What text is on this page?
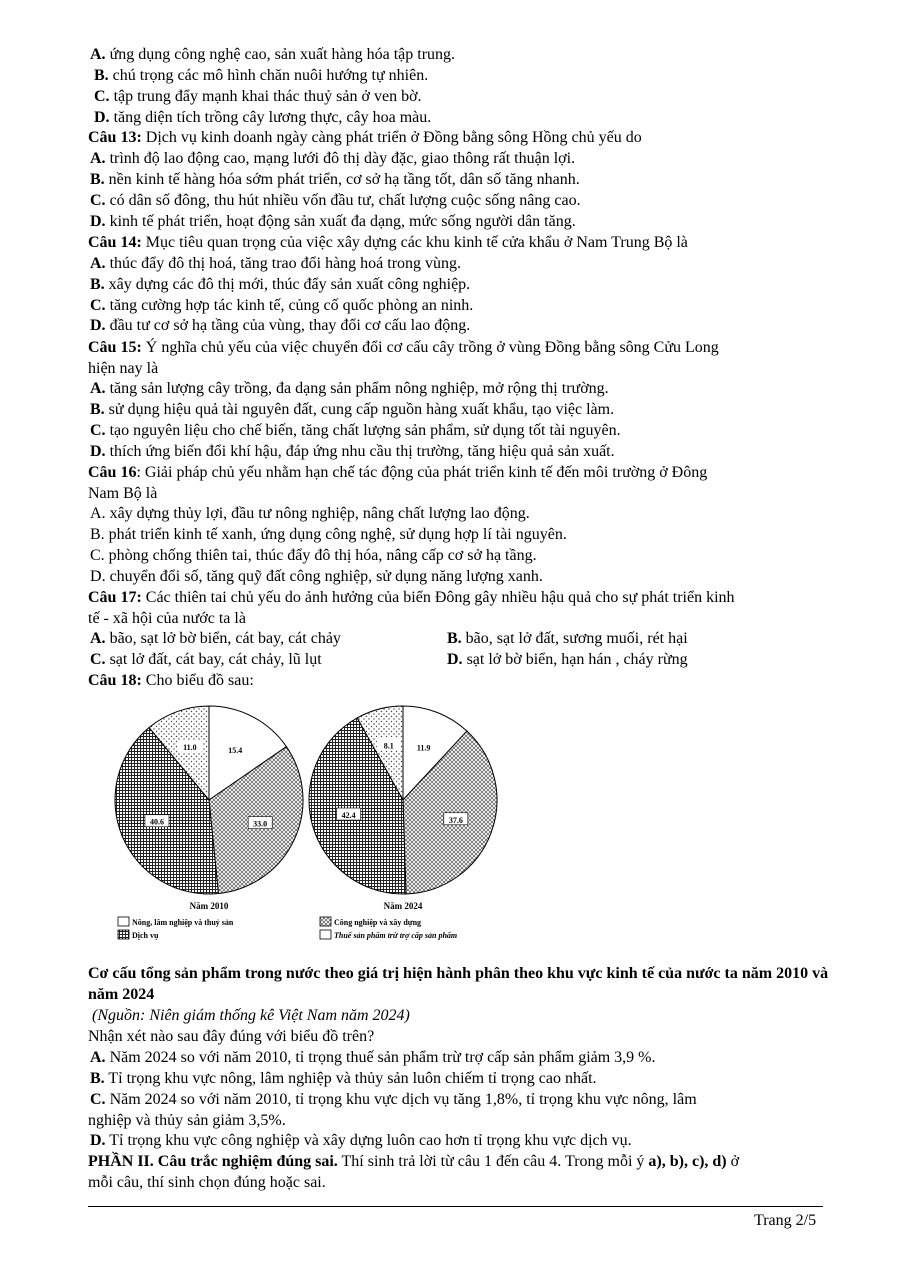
A. ứng dụng công nghệ cao, sản xuất hàng hóa tập trung.
B. chú trọng các mô hình chăn nuôi hướng tự nhiên.
C. tập trung đẩy mạnh khai thác thuỷ sản ở ven bờ.
D. tăng diện tích trồng cây lương thực, cây hoa màu.
Câu 13: Dịch vụ kinh doanh ngày càng phát triển ở Đồng bằng sông Hồng chủ yếu do
A. trình độ lao động cao, mạng lưới đô thị dày đặc, giao thông rất thuận lợi.
B. nền kinh tế hàng hóa sớm phát triển, cơ sở hạ tầng tốt, dân số tăng nhanh.
C. có dân số đông, thu hút nhiều vốn đầu tư, chất lượng cuộc sống nâng cao.
D. kinh tế phát triển, hoạt động sản xuất đa dạng, mức sống người dân tăng.
Câu 14: Mục tiêu quan trọng của việc xây dựng các khu kinh tế cửa khẩu ở Nam Trung Bộ là
A. thúc đẩy đô thị hoá, tăng trao đổi hàng hoá trong vùng.
B. xây dựng các đô thị mới, thúc đẩy sản xuất công nghiệp.
C. tăng cường hợp tác kinh tế, củng cố quốc phòng an ninh.
D. đầu tư cơ sở hạ tầng của vùng, thay đổi cơ cấu lao động.
Câu 15: Ý nghĩa chủ yếu của việc chuyển đổi cơ cấu cây trồng ở vùng Đồng bằng sông Cửu Long
hiện nay là
A. tăng sản lượng cây trồng, đa dạng sản phẩm nông nghiệp, mở rộng thị trường.
B. sử dụng hiệu quả tài nguyên đất, cung cấp nguồn hàng xuất khẩu, tạo việc làm.
C. tạo nguyên liệu cho chế biến, tăng chất lượng sản phẩm, sử dụng tốt tài nguyên.
D. thích ứng biến đổi khí hậu, đáp ứng nhu cầu thị trường, tăng hiệu quả sản xuất.
Câu 16: Giải pháp chủ yếu nhằm hạn chế tác động của phát triển kinh tế đến môi trường ở Đông
Nam Bộ là
A. xây dựng thủy lợi, đầu tư nông nghiệp, nâng chất lượng lao động.
B. phát triển kinh tế xanh, ứng dụng công nghệ, sử dụng hợp lí tài nguyên.
C. phòng chống thiên tai, thúc đẩy đô thị hóa, nâng cấp cơ sở hạ tầng.
D. chuyển đổi số, tăng quỹ đất công nghiệp, sử dụng năng lượng xanh.
Câu 17: Các thiên tai chủ yếu do ảnh hưởng của biển Đông gây nhiều hậu quả cho sự phát triển kinh
tế - xã hội của nước ta là
A. bão, sạt lở bờ biển, cát bay, cát chảy	B. bão, sạt lở đất, sương muối, rét hại
C. sạt lở đất, cát bay, cát chảy, lũ lụt	D. sạt lở bờ biển, hạn hán , cháy rừng
Câu 18: Cho biểu đồ sau:
15.4
33.0
40.6
11.0	11.9
37.6
42.4
8.1
Năm 2010	Năm 2024
Nông, lâm nghiệp và thuỷ sản
Dịch vụ
Công nghiệp và xây dựng
Thuế sản phẩm trừ trợ cấp sản phẩm
Cơ cấu tổng sản phẩm trong nước theo giá trị hiện hành phân theo khu vực kinh tế của nước ta năm 2010 và năm 2024
(Nguồn: Niên giám thống kê Việt Nam năm 2024)
Nhận xét nào sau đây đúng với biểu đồ trên?
A. Năm 2024 so với năm 2010, tỉ trọng thuế sản phẩm trừ trợ cấp sản phẩm giảm 3,9 %.
B. Tỉ trọng khu vực nông, lâm nghiệp và thủy sản luôn chiếm tỉ trọng cao nhất.
C. Năm 2024 so với năm 2010, tỉ trọng khu vực dịch vụ tăng 1,8%, tỉ trọng khu vực nông, lâm
nghiệp và thủy sản giảm 3,5%.
D. Tỉ trọng khu vực công nghiệp và xây dựng luôn cao hơn tỉ trọng khu vực dịch vụ.
PHẦN II. Câu trắc nghiệm đúng sai. Thí sinh trả lời từ câu 1 đến câu 4. Trong mỗi ý a), b), c), d) ở
mỗi câu, thí sinh chọn đúng hoặc sai.
Trang 2/5
